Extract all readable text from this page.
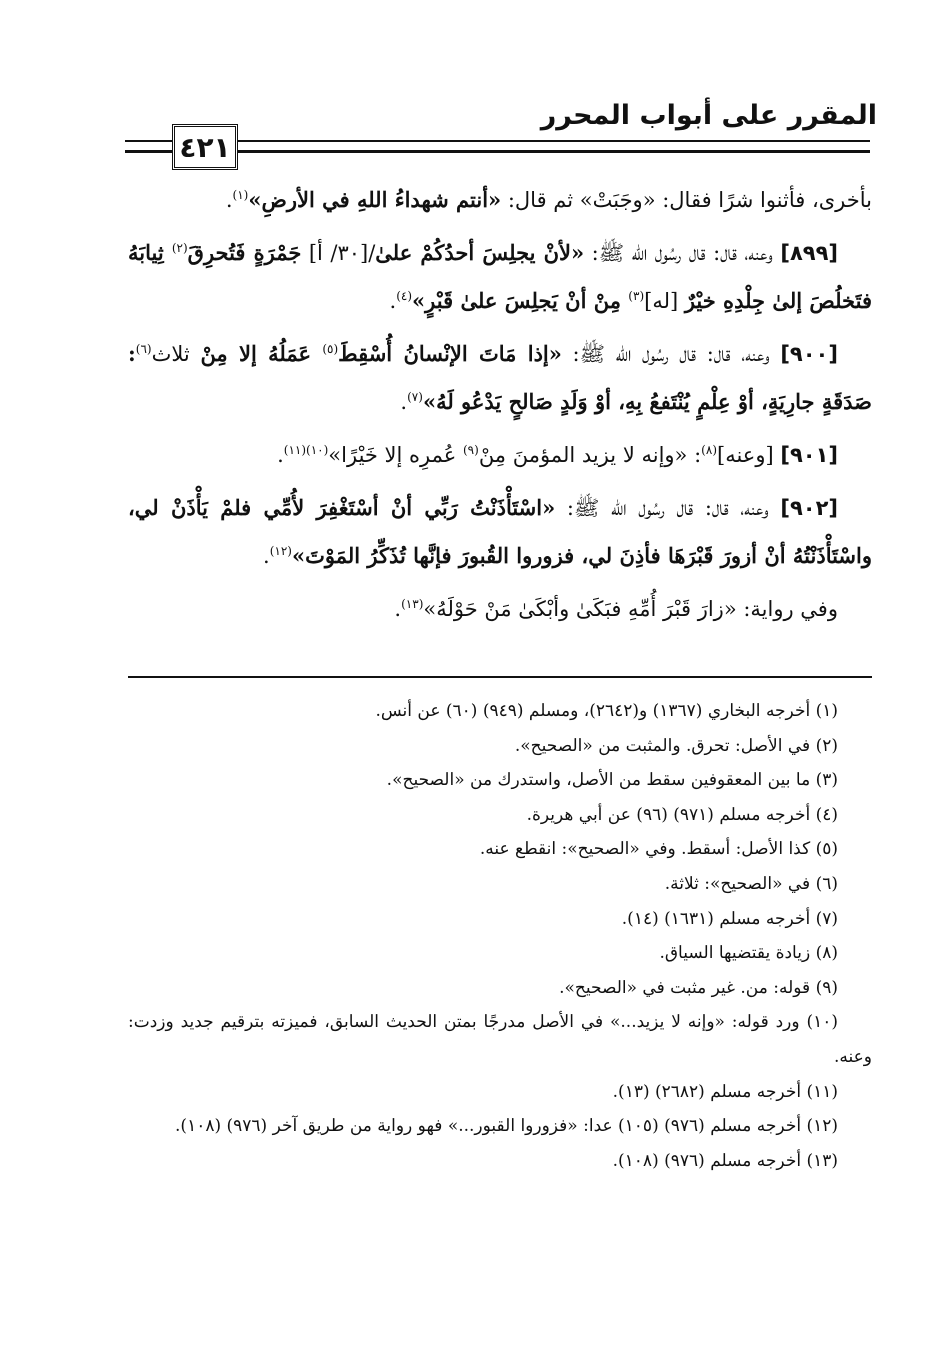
المقرر على أبواب المحرر
٤٢١

بأخرى، فأثنوا شرًا فقال: «وجَبَتْ» ثم قال: «أنتم شهداءُ اللهِ في الأرضِ»$^{(١)}$.

[٨٩٩] وعنه، قال: قال رسُول الله ﷺ: «لأنْ يجلِسَ أحدُكُمْ علىٰ/[٣٠/ أ] جَمْرَةٍ فَتُحرِقَ$^{(٢)}$ ثِيابَهُ فتَخلُصَ إلىٰ جِلْدِهِ خيْرٌ [له]$^{(٣)}$ مِنْ أنْ يَجلِسَ علىٰ قَبْرٍ»$^{(٤)}$.

[٩٠٠] وعنه، قال: قال رسُول الله ﷺ: «إذا مَاتَ الإنْسانُ أُسْقِطَ$^{(٥)}$ عَمَلُهُ إلا مِنْ ثلاث$^{(٦)}$: صَدَقَةٍ جارِيَةٍ، أوْ عِلْمٍ يُنْتَفعُ بِهِ، أوْ وَلَدٍ صَالحٍ يَدْعُو لَهُ»$^{(٧)}$.

[٩٠١] [وعنه]$^{(٨)}$: «وإنه لا يزيد المؤمنَ مِنْ$^{(٩)}$ عُمرِه إلا خَيْرًا»$^{(١٠)(١١)}$.

[٩٠٢] وعنه، قال: قال رسُول الله ﷺ: «اسْتَأْذَنْتُ رَبِّي أنْ أسْتَغْفِرَ لأُمِّي فلمْ يَأْذَنْ لي، واسْتَأْذَنْتُهُ أنْ أزورَ قَبْرَهَا فأذِنَ لي، فزوروا القُبورَ فإنَّها تُذَكِّرُ المَوْتَ»$^{(١٢)}$.

وفي رواية: «زارَ قَبْرَ أُمِّهِ فبَكَىٰ وأبْكَىٰ مَنْ حَوْلَهُ»$^{(١٣)}$.

(١) أخرجه البخاري (١٣٦٧) و(٢٦٤٢)، ومسلم (٩٤٩) (٦٠) عن أنس.

(٢) في الأصل: تحرق. والمثبت من «الصحيح».

(٣) ما بين المعقوفين سقط من الأصل، واستدرك من «الصحيح».

(٤) أخرجه مسلم (٩٧١) (٩٦) عن أبي هريرة.

(٥) كذا الأصل: أسقط. وفي «الصحيح»: انقطع عنه.

(٦) في «الصحيح»: ثلاثة.

(٧) أخرجه مسلم (١٦٣١) (١٤).

(٨) زيادة يقتضيها السياق.

(٩) قوله: من. غير مثبت في «الصحيح».

(١٠) ورد قوله: «وإنه لا يزيد...» في الأصل مدرجًا بمتن الحديث السابق، فميزته بترقيم جديد وزدت: وعنه.

(١١) أخرجه مسلم (٢٦٨٢) (١٣).

(١٢) أخرجه مسلم (٩٧٦) (١٠٥) عدا: «فزوروا القبور...» فهو رواية من طريق آخر (٩٧٦) (١٠٨).

(١٣) أخرجه مسلم (٩٧٦) (١٠٨).
